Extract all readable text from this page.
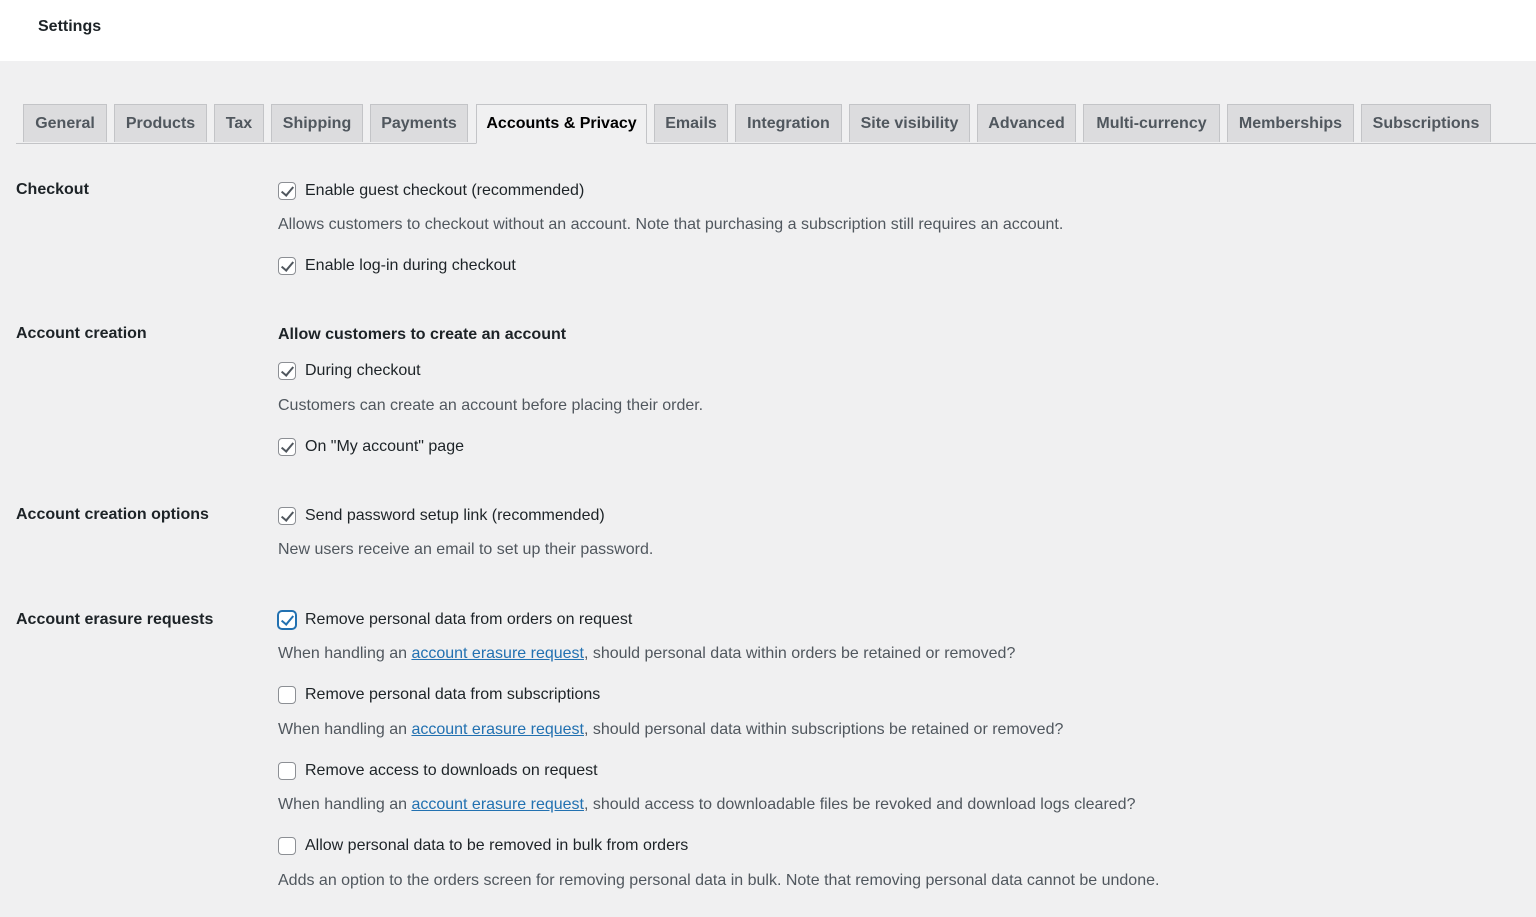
Settings
General	Products	Tax	Shipping	Payments	Accounts & Privacy	Emails	Integration	Site visibility	Advanced	Multi-currency	Memberships	Subscriptions
Checkout	Enable guest checkout (recommended)
Allows customers to checkout without an account. Note that purchasing a subscription still requires an account.
Enable log-in during checkout
Account creation	Allow customers to create an account
During checkout
Customers can create an account before placing their order.
On "My account" page
Account creation options	Send password setup link (recommended)
New users receive an email to set up their password.
Account erasure requests	Remove personal data from orders on request
When handling an account erasure request, should personal data within orders be retained or removed?
Remove personal data from subscriptions
When handling an account erasure request, should personal data within subscriptions be retained or removed?
Remove access to downloads on request
When handling an account erasure request, should access to downloadable files be revoked and download logs cleared?
Allow personal data to be removed in bulk from orders
Adds an option to the orders screen for removing personal data in bulk. Note that removing personal data cannot be undone.
